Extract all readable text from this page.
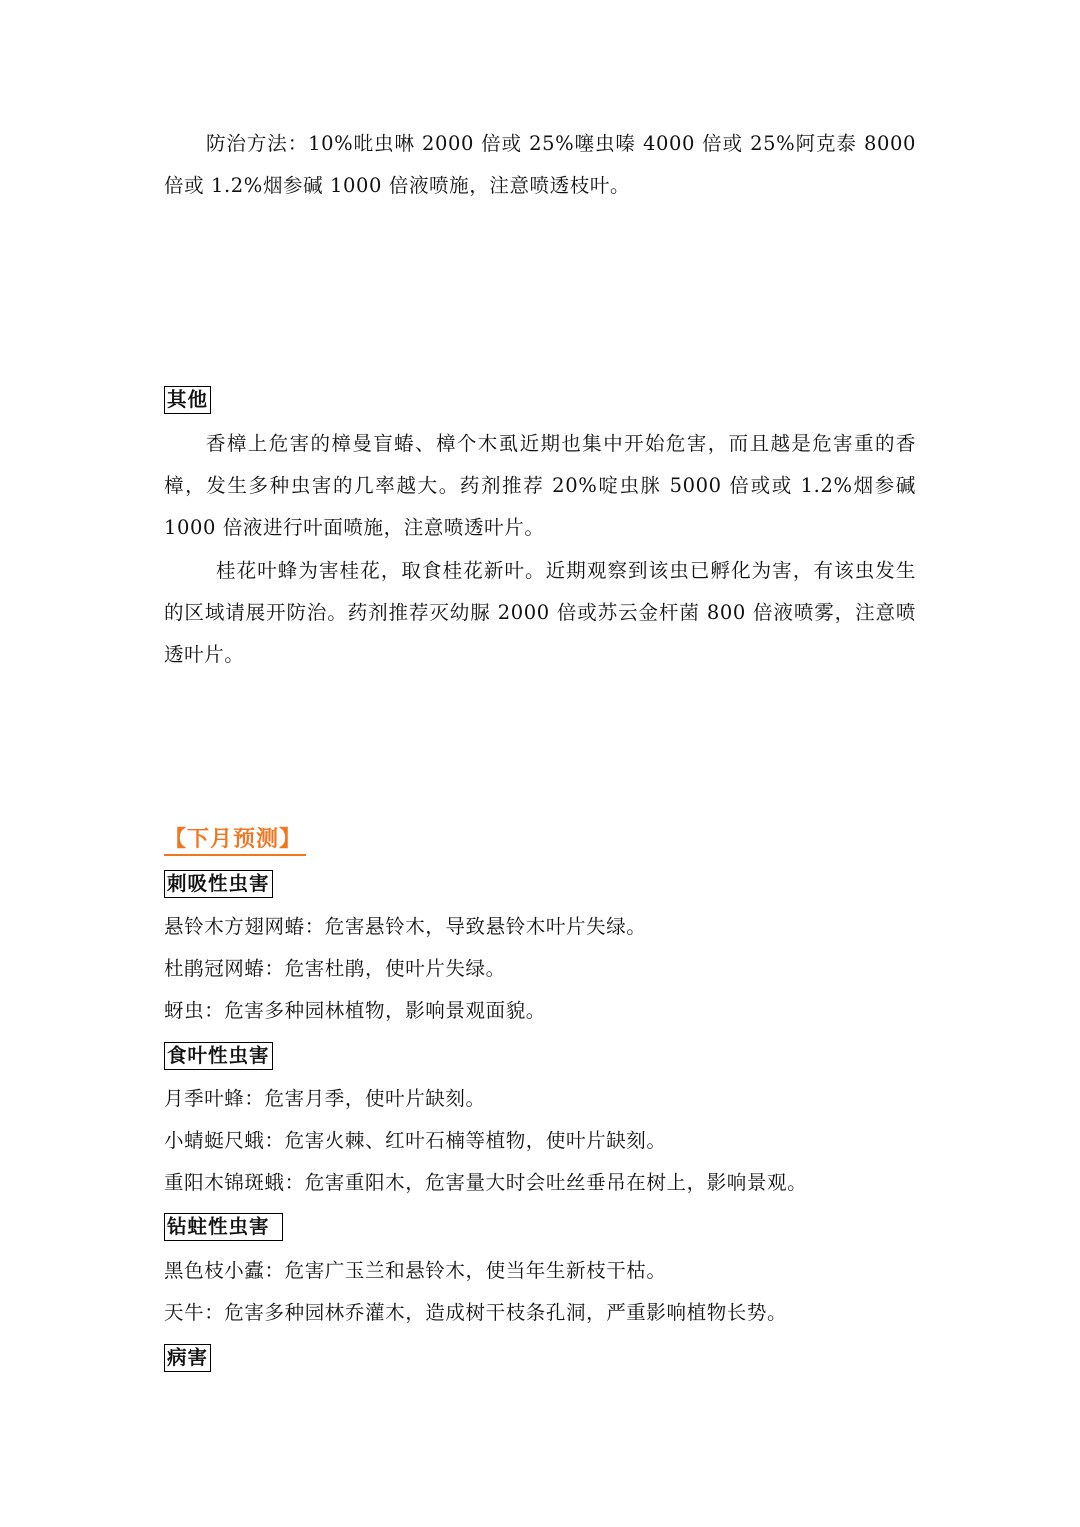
防治方法：10%吡虫啉 2000 倍或 25%噻虫嗪 4000 倍或 25%阿克泰 8000 倍或 1.2%烟参碱 1000 倍液喷施，注意喷透枝叶。

其他

香樟上危害的樟曼盲蝽、樟个木虱近期也集中开始危害，而且越是危害重的香樟，发生多种虫害的几率越大。药剂推荐 20%啶虫脒 5000 倍或或 1.2%烟参碱 1000 倍液进行叶面喷施，注意喷透叶片。

桂花叶蜂为害桂花，取食桂花新叶。近期观察到该虫已孵化为害，有该虫发生的区域请展开防治。药剂推荐灭幼脲 2000 倍或苏云金杆菌 800 倍液喷雾，注意喷透叶片。

【下月预测】
刺吸性虫害

悬铃木方翅网蝽：危害悬铃木，导致悬铃木叶片失绿。

杜鹃冠网蝽：危害杜鹃，使叶片失绿。

蚜虫：危害多种园林植物，影响景观面貌。

食叶性虫害

月季叶蜂：危害月季，使叶片缺刻。

小蜻蜓尺蛾：危害火棘、红叶石楠等植物，使叶片缺刻。

重阳木锦斑蛾：危害重阳木，危害量大时会吐丝垂吊在树上，影响景观。

钻蛀性虫害

黑色枝小蠹：危害广玉兰和悬铃木，使当年生新枝干枯。

天牛：危害多种园林乔灌木，造成树干枝条孔洞，严重影响植物长势。

病害
